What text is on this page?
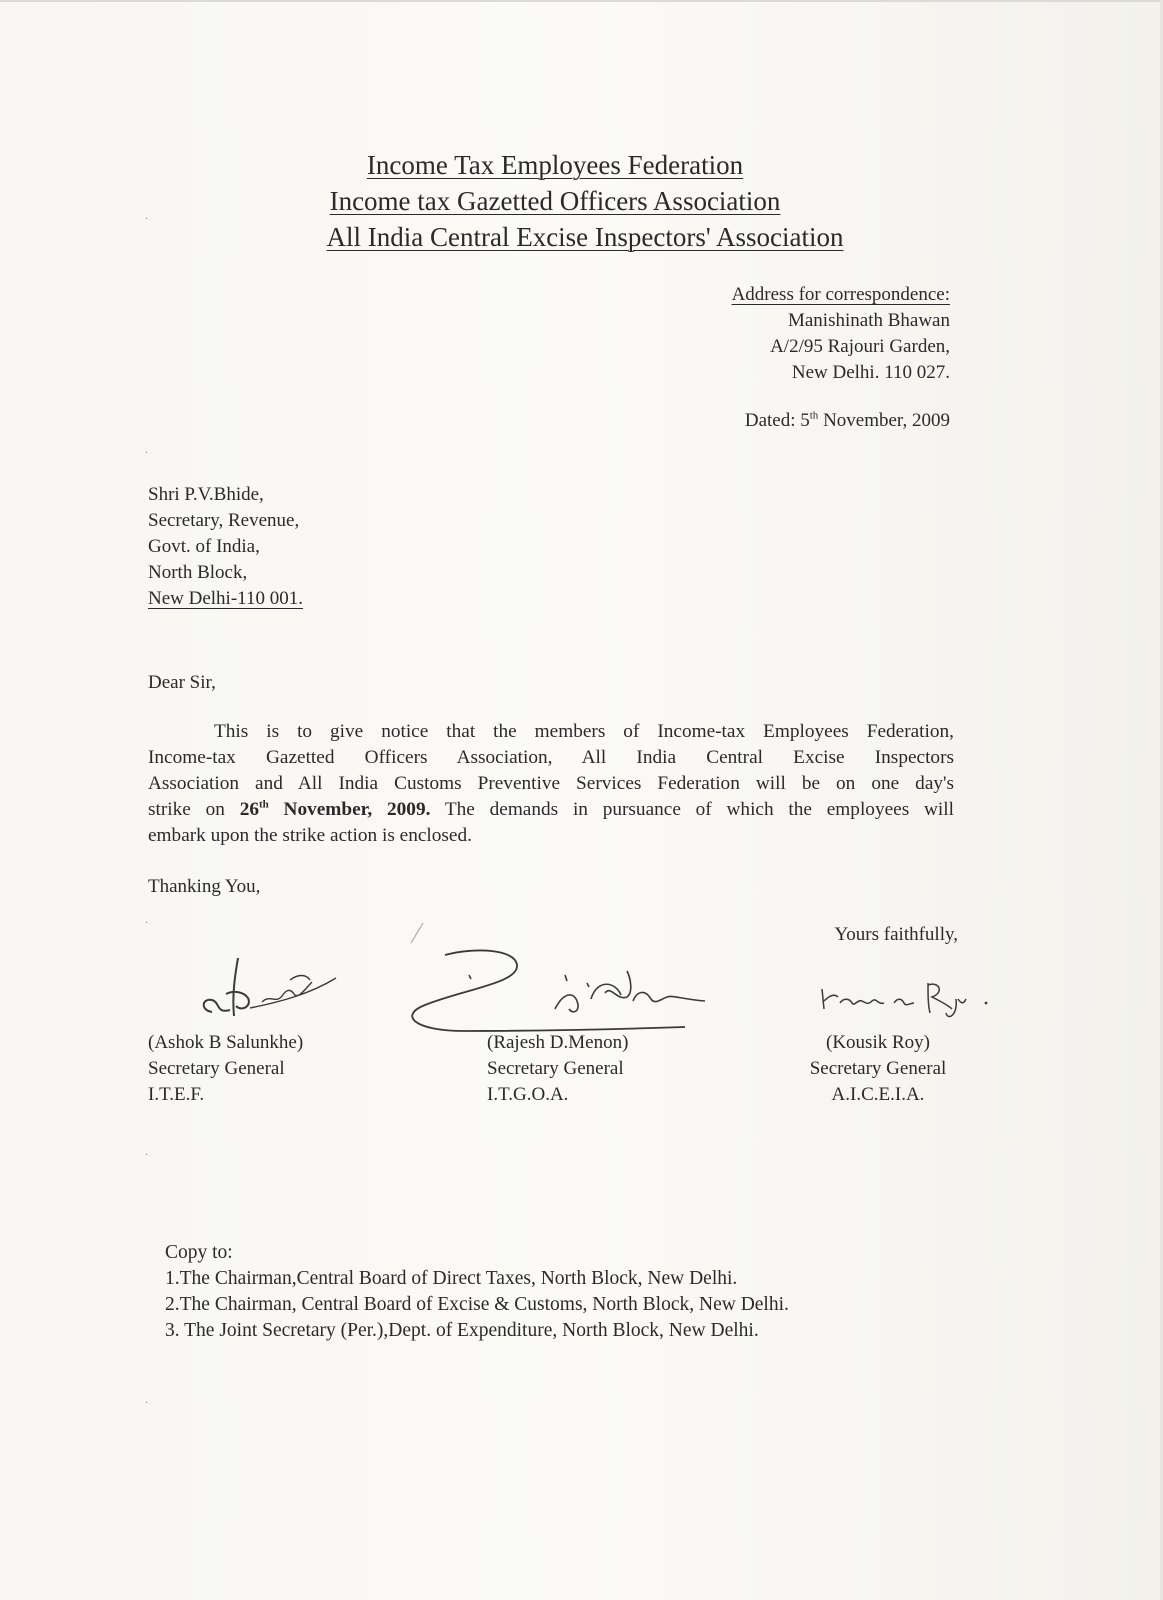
Income Tax Employees Federation
Income tax Gazetted Officers Association
All India Central Excise Inspectors' Association
Address for correspondence:
Manishinath Bhawan
A/2/95 Rajouri Garden,
New Delhi. 110 027.
Dated: 5th November, 2009
Shri P.V.Bhide,
Secretary, Revenue,
Govt. of India,
North Block,
New Delhi-110 001.
Dear Sir,
This is to give notice that the members of Income-tax Employees Federation,
Income-tax Gazetted Officers Association, All India Central Excise Inspectors
Association and All India Customs Preventive Services Federation will be on one day's
strike on 26th November, 2009. The demands in pursuance of which the employees will
embark upon the strike action is enclosed.
Thanking You,
Yours faithfully,
(Ashok B Salunkhe)
Secretary General
I.T.E.F.
(Rajesh D.Menon)
Secretary General
I.T.G.O.A.
(Kousik Roy)
Secretary General
A.I.C.E.I.A.
Copy to:
1.The Chairman,Central Board of Direct Taxes, North Block, New Delhi.
2.The Chairman, Central Board of Excise & Customs, North Block, New Delhi.
3. The Joint Secretary (Per.),Dept. of Expenditure, North Block, New Delhi.
·
·
·
·
·
